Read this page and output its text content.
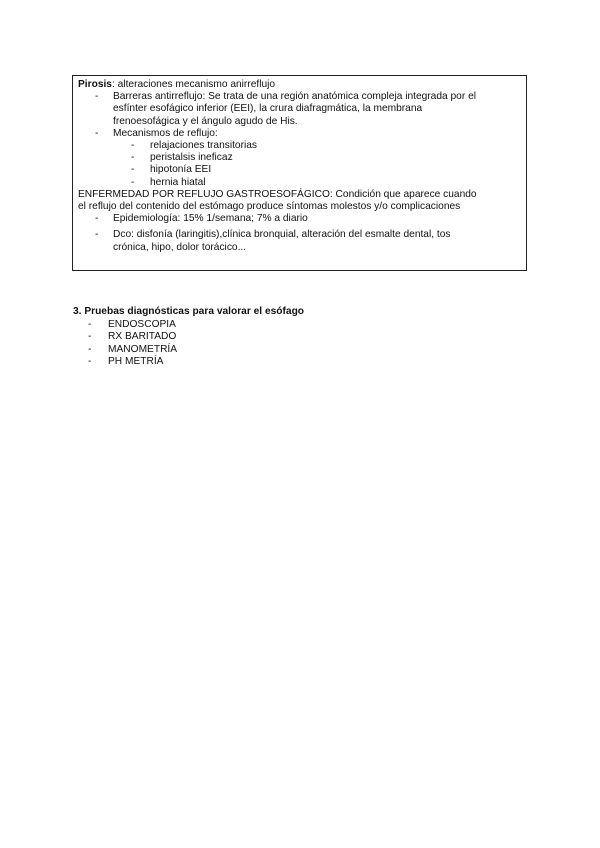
Pirosis: alteraciones mecanismo anirreflujo
- Barreras antirreflujo: Se trata de una región anatómica compleja integrada por el
esfínter esofágico inferior (EEI), la crura diafragmática, la membrana
frenoesofágica y el ángulo agudo de His.
- Mecanismos de reflujo:
- relajaciones transitorias
- peristalsis ineficaz
- hipotonía EEI
- hernia hiatal
ENFERMEDAD POR REFLUJO GASTROESOFÁGICO: Condición que aparece cuando
el reflujo del contenido del estómago produce síntomas molestos y/o complicaciones
- Epidemiología: 15% 1/semana; 7% a diario
- Dco: disfonía (laringitis),clínica bronquial, alteración del esmalte dental, tos
crónica, hipo, dolor torácico...
3. Pruebas diagnósticas para valorar el esófago
- ENDOSCOPIA
- RX BARITADO
- MANOMETRÍA
- PH METRÍA
